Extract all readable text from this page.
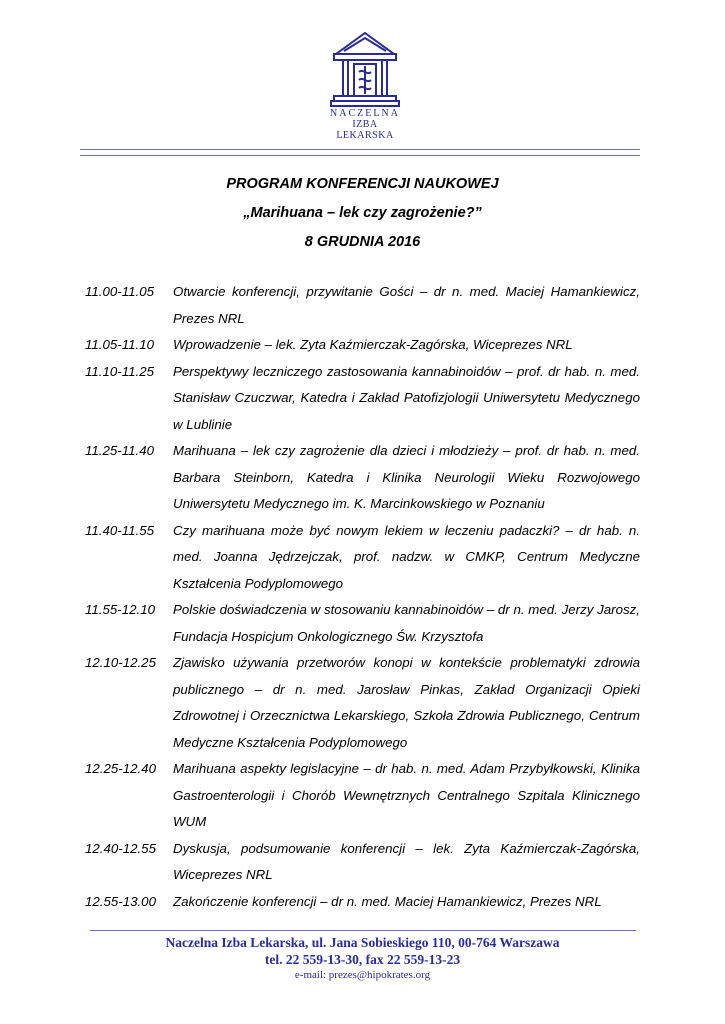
NACZELNA
IZBA LEKARSKA
PROGRAM KONFERENCJI NAUKOWEJ
„Marihuana – lek czy zagrożenie?”
8 GRUDNIA 2016
11.00-11.05	Otwarcie konferencji, przywitanie Gości – dr n. med. Maciej Hamankiewicz, Prezes NRL
11.05-11.10	Wprowadzenie – lek. Zyta Kaźmierczak-Zagórska, Wiceprezes NRL
11.10-11.25	Perspektywy leczniczego zastosowania kannabinoidów – prof. dr hab. n. med. Stanisław Czuczwar, Katedra i Zakład Patofizjologii Uniwersytetu Medycznego w Lublinie
11.25-11.40	Marihuana – lek czy zagrożenie dla dzieci i młodzieży – prof. dr hab. n. med. Barbara Steinborn, Katedra i Klinika Neurologii Wieku Rozwojowego Uniwersytetu Medycznego im. K. Marcinkowskiego w Poznaniu
11.40-11.55	Czy marihuana może być nowym lekiem w leczeniu padaczki? – dr hab. n. med. Joanna Jędrzejczak, prof. nadzw. w CMKP, Centrum Medyczne Kształcenia Podyplomowego
11.55-12.10	Polskie doświadczenia w stosowaniu kannabinoidów – dr n. med. Jerzy Jarosz, Fundacja Hospicjum Onkologicznego Św. Krzysztofa
12.10-12.25	Zjawisko używania przetworów konopi w kontekście problematyki zdrowia publicznego – dr n. med. Jarosław Pinkas, Zakład Organizacji Opieki Zdrowotnej i Orzecznictwa Lekarskiego, Szkoła Zdrowia Publicznego, Centrum Medyczne Kształcenia Podyplomowego
12.25-12.40	Marihuana aspekty legislacyjne – dr hab. n. med. Adam Przybyłkowski, Klinika Gastroenterologii i Chorób Wewnętrznych Centralnego Szpitala Klinicznego WUM
12.40-12.55	Dyskusja, podsumowanie konferencji – lek. Zyta Kaźmierczak-Zagórska, Wiceprezes NRL
12.55-13.00	Zakończenie konferencji – dr n. med. Maciej Hamankiewicz, Prezes NRL
Naczelna Izba Lekarska, ul. Jana Sobieskiego 110, 00-764 Warszawa
tel. 22 559-13-30, fax 22 559-13-23
e-mail: prezes@hipokrates.org
